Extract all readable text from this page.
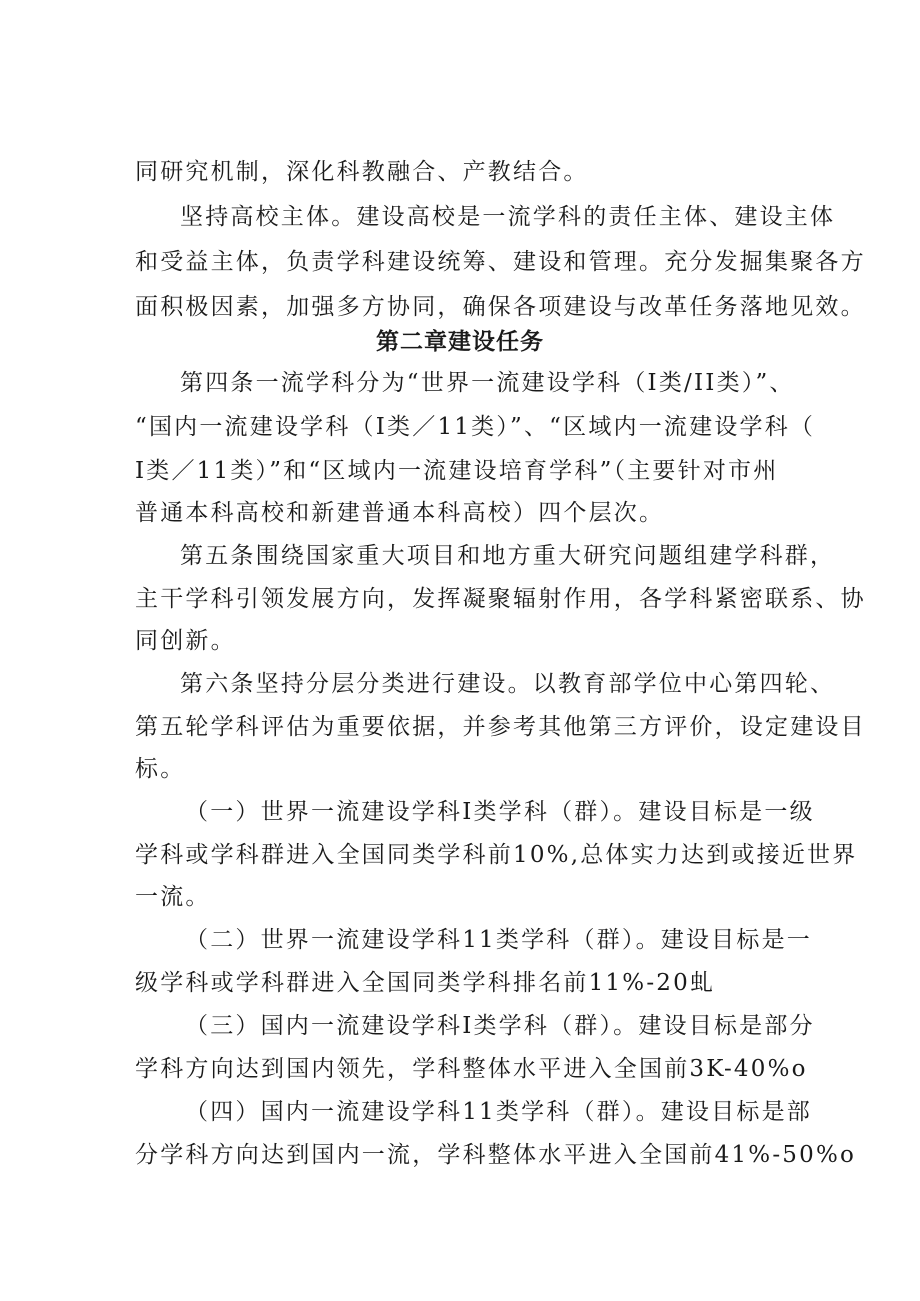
同研究机制，深化科教融合、产教结合。
坚持高校主体。建设高校是一流学科的责任主体、建设主体
和受益主体，负责学科建设统筹、建设和管理。充分发掘集聚各方
面积极因素，加强多方协同，确保各项建设与改革任务落地见效。
第二章建设任务
第四条一流学科分为“世界一流建设学科（I类/II类）”、
“国内一流建设学科（I类／11类）”、“区域内一流建设学科（
I类／11类）”和“区域内一流建设培育学科”（主要针对市州
普通本科高校和新建普通本科高校）四个层次。
第五条围绕国家重大项目和地方重大研究问题组建学科群，
主干学科引领发展方向，发挥凝聚辐射作用，各学科紧密联系、协
同创新。
第六条坚持分层分类进行建设。以教育部学位中心第四轮、
第五轮学科评估为重要依据，并参考其他第三方评价，设定建设目
标。
（一）世界一流建设学科I类学科（群）。建设目标是一级
学科或学科群进入全国同类学科前10%,总体实力达到或接近世界
一流。
（二）世界一流建设学科11类学科（群）。建设目标是一
级学科或学科群进入全国同类学科排名前11%-20虬
（三）国内一流建设学科I类学科（群）。建设目标是部分
学科方向达到国内领先，学科整体水平进入全国前3K-40%o
（四）国内一流建设学科11类学科（群）。建设目标是部
分学科方向达到国内一流，学科整体水平进入全国前41%-50%o
